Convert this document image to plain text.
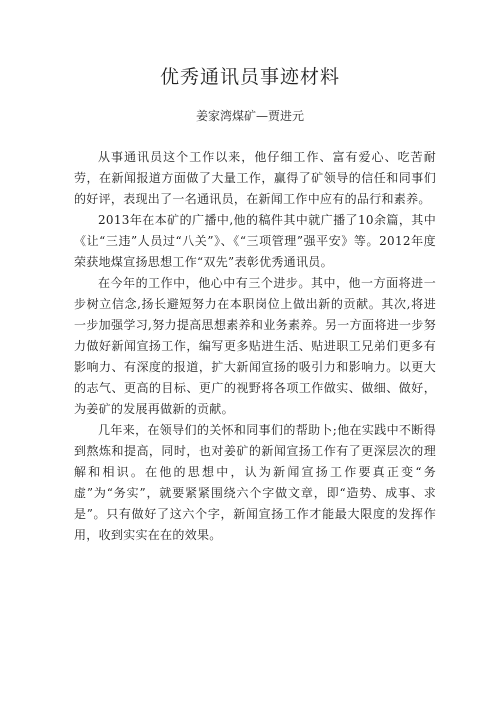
优秀通讯员事迹材料
姜家湾煤矿—贾进元

从事通讯员这个工作以来，他仔细工作、富有爱心、吃苦耐劳，在新闻报道方面做了大量工作，赢得了矿领导的信任和同事们的好评，表现出了一名通讯员，在新闻工作中应有的品行和素养。

2013年在本矿的广播中,他的稿件其中就广播了10余篇，其中《让“三违”人员过“八关”》、《“三项管理”强平安》等。2012年度荣获地煤宣扬思想工作“双先”表彰优秀通讯员。

在今年的工作中，他心中有三个进步。其中，他一方面将进一步树立信念,扬长避短努力在本职岗位上做出新的贡献。其次,将进一步加强学习,努力提高思想素养和业务素养。另一方面将进一步努力做好新闻宣扬工作，编写更多贴进生活、贴进职工兄弟们更多有影响力、有深度的报道，扩大新闻宣扬的吸引力和影响力。以更大的志气、更高的目标、更广的视野将各项工作做实、做细、做好，为姜矿的发展再做新的贡献。

几年来，在领导们的关怀和同事们的帮助卜;他在实践中不断得到熬炼和提高，同时，也对姜矿的新闻宣扬工作有了更深层次的理解和相识。在他的思想中，认为新闻宣扬工作要真正变“务虚”为“务实”，就要紧紧围绕六个字做文章，即“造势、成事、求是”。只有做好了这六个字，新闻宣扬工作才能最大限度的发挥作用，收到实实在在的效果。
